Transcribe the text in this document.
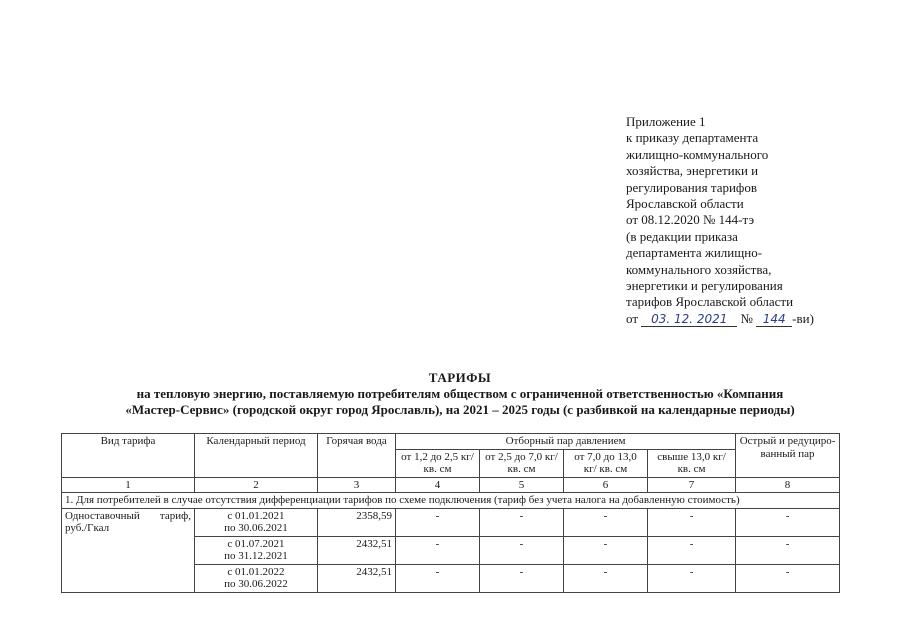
Приложение 1
к приказу департамента
жилищно-коммунального
хозяйства, энергетики и
регулирования тарифов
Ярославской области
от 08.12.2020 № 144-тэ
(в редакции приказа
департамента жилищно-
коммунального хозяйства,
энергетики и регулирования
тарифов Ярославской области
от 03. 12. 2021 № 144 -ви)
ТАРИФЫ
на тепловую энергию, поставляемую потребителям обществом с ограниченной ответственностью «Компания
«Мастер-Сервис» (городской округ город Ярославль), на 2021 – 2025 годы (с разбивкой на календарные периоды)
Вид тарифа	Календарный период	Горячая вода	Отборный пар давлением				Острый и редуциро-ванный пар
			от 1,2 до 2,5 кг/ кв. см	от 2,5 до 7,0 кг/ кв. см	от 7,0 до 13,0 кг/ кв. см	свыше 13,0 кг/ кв. см	
1	2	3	4	5	6	7	8
1. Для потребителей в случае отсутствия дифференциации тарифов по схеме подключения (тариф без учета налога на добавленную стоимость)							
Одноставочный тариф, руб./Гкал	с 01.01.2021
по 30.06.2021	2358,59	-	-	-	-	-

	с 01.07.2021
по 31.12.2021	2432,51	-	-	-	-	-

	с 01.01.2022
по 30.06.2022	2432,51	-	-	-	-	-
